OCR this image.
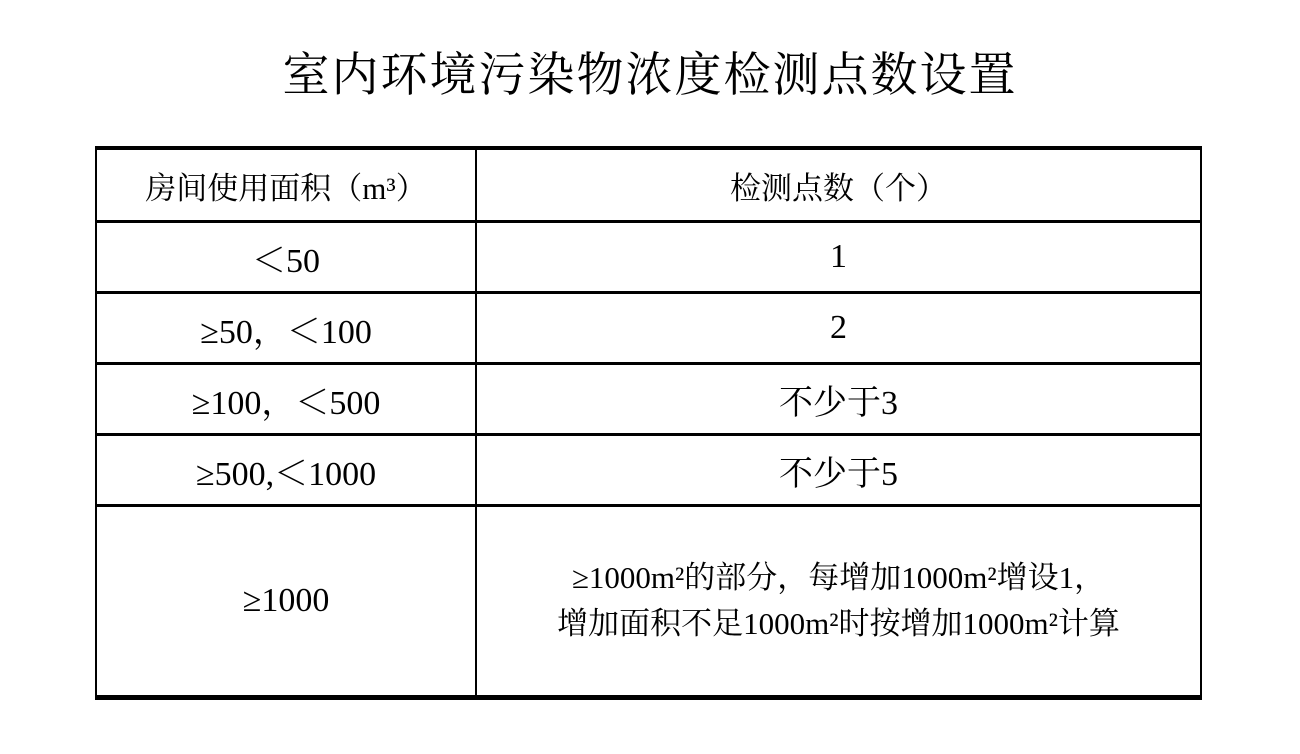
室内环境污染物浓度检测点数设置
房间使用面积（m³）	检测点数（个）
＜50	1
≥50，＜100	2
≥100，＜500	不少于3
≥500,＜1000	不少于5
≥1000	≥1000m²的部分，每增加1000m²增设1，
增加面积不足1000m²时按增加1000m²计算
